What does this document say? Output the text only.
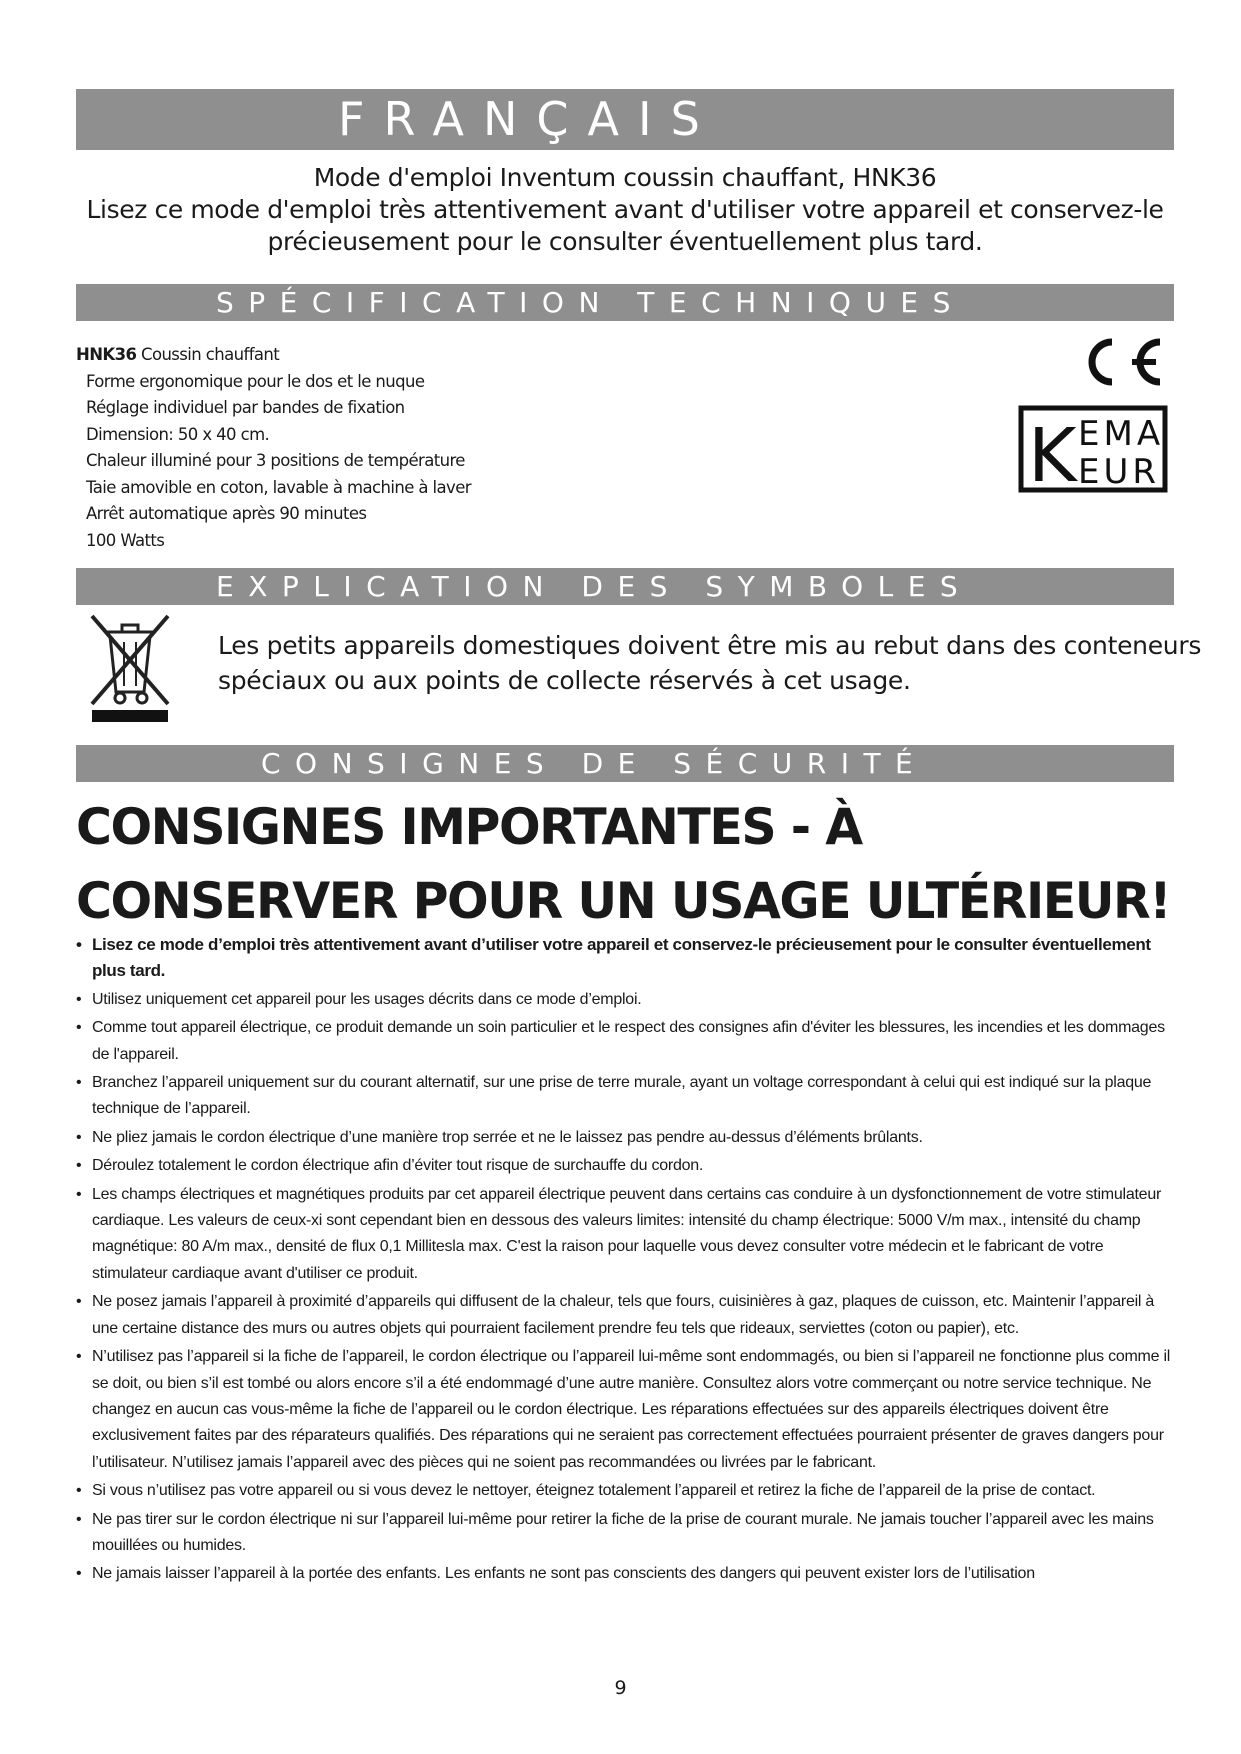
FRANÇAIS
Mode d'emploi Inventum coussin chauffant, HNK36
Lisez ce mode d'emploi très attentivement avant d'utiliser votre appareil et conservez-le
précieusement pour le consulter éventuellement plus tard.
SPÉCIFICATION TECHNIQUES
HNK36 Coussin chauffant
Forme ergonomique pour le dos et le nuque
Réglage individuel par bandes de fixation
Dimension: 50 x 40 cm.
Chaleur illuminé pour 3 positions de température
Taie amovible en coton, lavable à machine à laver
Arrêt automatique après 90 minutes
100 Watts
K EMA
EUR
EXPLICATION DES SYMBOLES
Les petits appareils domestiques doivent être mis au rebut dans des conteneurs
spéciaux ou aux points de collecte réservés à cet usage.
CONSIGNES DE SÉCURITÉ
CONSIGNES IMPORTANTES - À
CONSERVER POUR UN USAGE ULTÉRIEUR!
• Lisez ce mode d’emploi très attentivement avant d’utiliser votre appareil et conservez-le précieusement pour le consulter éventuellement plus tard.
• Utilisez uniquement cet appareil pour les usages décrits dans ce mode d’emploi.
• Comme tout appareil électrique, ce produit demande un soin particulier et le respect des consignes afin d'éviter les blessures, les incendies et les dommages de l'appareil.
• Branchez l’appareil uniquement sur du courant alternatif, sur une prise de terre murale, ayant un voltage correspondant à celui qui est indiqué sur la plaque technique de l’appareil.
• Ne pliez jamais le cordon électrique d’une manière trop serrée et ne le laissez pas pendre au-dessus d’éléments brûlants.
• Déroulez totalement le cordon électrique afin d’éviter tout risque de surchauffe du cordon.
• Les champs électriques et magnétiques produits par cet appareil électrique peuvent dans certains cas conduire à un dysfonctionnement de votre stimulateur cardiaque. Les valeurs de ceux-xi sont cependant bien en dessous des valeurs limites: intensité du champ électrique: 5000 V/m max., intensité du champ magnétique: 80 A/m max., densité de flux 0,1 Millitesla max. C'est la raison pour laquelle vous devez consulter votre médecin et le fabricant de votre stimulateur cardiaque avant d'utiliser ce produit.
• Ne posez jamais l’appareil à proximité d’appareils qui diffusent de la chaleur, tels que fours, cuisinières à gaz, plaques de cuisson, etc. Maintenir l’appareil à une certaine distance des murs ou autres objets qui pourraient facilement prendre feu tels que rideaux, serviettes (coton ou papier), etc.
• N’utilisez pas l’appareil si la fiche de l’appareil, le cordon électrique ou l’appareil lui-même sont endommagés, ou bien si l’appareil ne fonctionne plus comme il se doit, ou bien s’il est tombé ou alors encore s’il a été endommagé d’une autre manière. Consultez alors votre commerçant ou notre service technique. Ne changez en aucun cas vous-même la fiche de l’appareil ou le cordon électrique. Les réparations effectuées sur des appareils électriques doivent être exclusivement faites par des réparateurs qualifiés. Des réparations qui ne seraient pas correctement effectuées pourraient présenter de graves dangers pour l’utilisateur. N’utilisez jamais l’appareil avec des pièces qui ne soient pas recommandées ou livrées par le fabricant.
• Si vous n’utilisez pas votre appareil ou si vous devez le nettoyer, éteignez totalement l’appareil et retirez la fiche de l’appareil de la prise de contact.
• Ne pas tirer sur le cordon électrique ni sur l’appareil lui-même pour retirer la fiche de la prise de courant murale. Ne jamais toucher l’appareil avec les mains mouillées ou humides.
• Ne jamais laisser l’appareil à la portée des enfants. Les enfants ne sont pas conscients des dangers qui peuvent exister lors de l’utilisation
9
